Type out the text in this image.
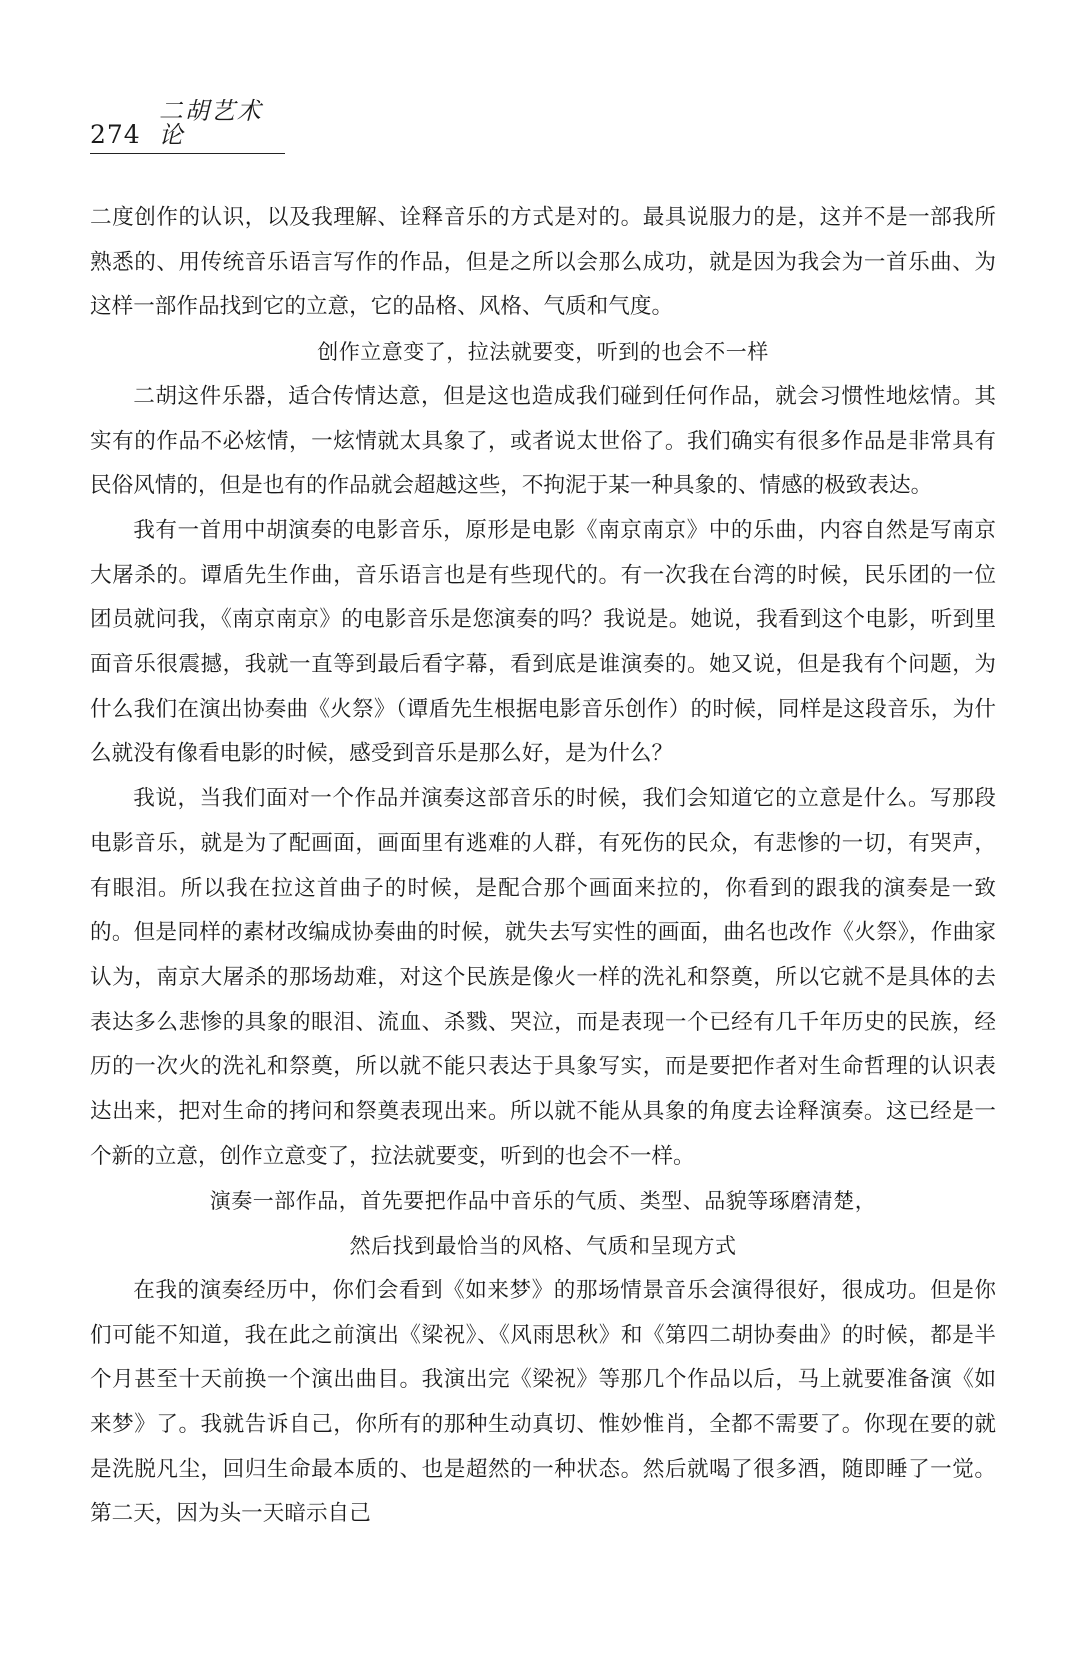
274
二胡艺术论

二度创作的认识，以及我理解、诠释音乐的方式是对的。最具说服力的是，这并不是一部我所熟悉的、用传统音乐语言写作的作品，但是之所以会那么成功，就是因为我会为一首乐曲、为这样一部作品找到它的立意，它的品格、风格、气质和气度。

创作立意变了，拉法就要变，听到的也会不一样

二胡这件乐器，适合传情达意，但是这也造成我们碰到任何作品，就会习惯性地炫情。其实有的作品不必炫情，一炫情就太具象了，或者说太世俗了。我们确实有很多作品是非常具有民俗风情的，但是也有的作品就会超越这些，不拘泥于某一种具象的、情感的极致表达。

我有一首用中胡演奏的电影音乐，原形是电影《南京南京》中的乐曲，内容自然是写南京大屠杀的。谭盾先生作曲，音乐语言也是有些现代的。有一次我在台湾的时候，民乐团的一位团员就问我，《南京南京》的电影音乐是您演奏的吗？我说是。她说，我看到这个电影，听到里面音乐很震撼，我就一直等到最后看字幕，看到底是谁演奏的。她又说，但是我有个问题，为什么我们在演出协奏曲《火祭》（谭盾先生根据电影音乐创作）的时候，同样是这段音乐，为什么就没有像看电影的时候，感受到音乐是那么好，是为什么？

我说，当我们面对一个作品并演奏这部音乐的时候，我们会知道它的立意是什么。写那段电影音乐，就是为了配画面，画面里有逃难的人群，有死伤的民众，有悲惨的一切，有哭声，有眼泪。所以我在拉这首曲子的时候，是配合那个画面来拉的，你看到的跟我的演奏是一致的。但是同样的素材改编成协奏曲的时候，就失去写实性的画面，曲名也改作《火祭》，作曲家认为，南京大屠杀的那场劫难，对这个民族是像火一样的洗礼和祭奠，所以它就不是具体的去表达多么悲惨的具象的眼泪、流血、杀戮、哭泣，而是表现一个已经有几千年历史的民族，经历的一次火的洗礼和祭奠，所以就不能只表达于具象写实，而是要把作者对生命哲理的认识表达出来，把对生命的拷问和祭奠表现出来。所以就不能从具象的角度去诠释演奏。这已经是一个新的立意，创作立意变了，拉法就要变，听到的也会不一样。

演奏一部作品，首先要把作品中音乐的气质、类型、品貌等琢磨清楚，

然后找到最恰当的风格、气质和呈现方式

在我的演奏经历中，你们会看到《如来梦》的那场情景音乐会演得很好，很成功。但是你们可能不知道，我在此之前演出《梁祝》、《风雨思秋》和《第四二胡协奏曲》的时候，都是半个月甚至十天前换一个演出曲目。我演出完《梁祝》等那几个作品以后，马上就要准备演《如来梦》了。我就告诉自己，你所有的那种生动真切、惟妙惟肖，全都不需要了。你现在要的就是洗脱凡尘，回归生命最本质的、也是超然的一种状态。然后就喝了很多酒，随即睡了一觉。第二天，因为头一天暗示自己
